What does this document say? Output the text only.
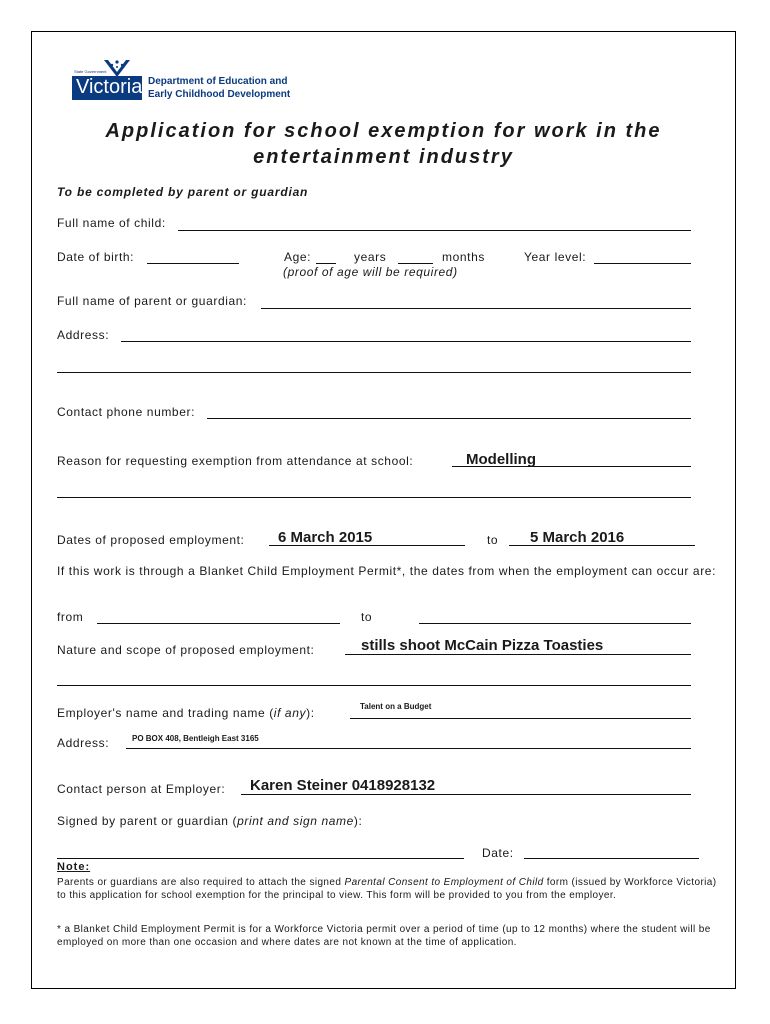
State Government
Victoria Department of Education and
Early Childhood Development
Application for school exemption for work in the
entertainment industry
To be completed by parent or guardian
Full name of child:
Date of birth:	Age:	years	months	Year level:
(proof of age will be required)
Full name of parent or guardian:
Address:
Contact phone number:
Reason for requesting exemption from attendance at school:	Modelling
Dates of proposed employment: 6 March 2015	to 5 March 2016
If this work is through a Blanket Child Employment Permit*, the dates from when the employment can occur are:
from	to
Nature and scope of proposed employment:	stills shoot McCain Pizza Toasties
Employer's name and trading name (if any):	Talent on a Budget
Address:	PO BOX 408, Bentleigh East 3165
Contact person at Employer: Karen Steiner 0418928132
Signed by parent or guardian (print and sign name):
Date:
Note:
Parents or guardians are also required to attach the signed Parental Consent to Employment of Child form (issued by Workforce Victoria) to this application for school exemption for the principal to view. This form will be provided to you from the employer.
* a Blanket Child Employment Permit is for a Workforce Victoria permit over a period of time (up to 12 months) where the student will be employed on more than one occasion and where dates are not known at the time of application.
